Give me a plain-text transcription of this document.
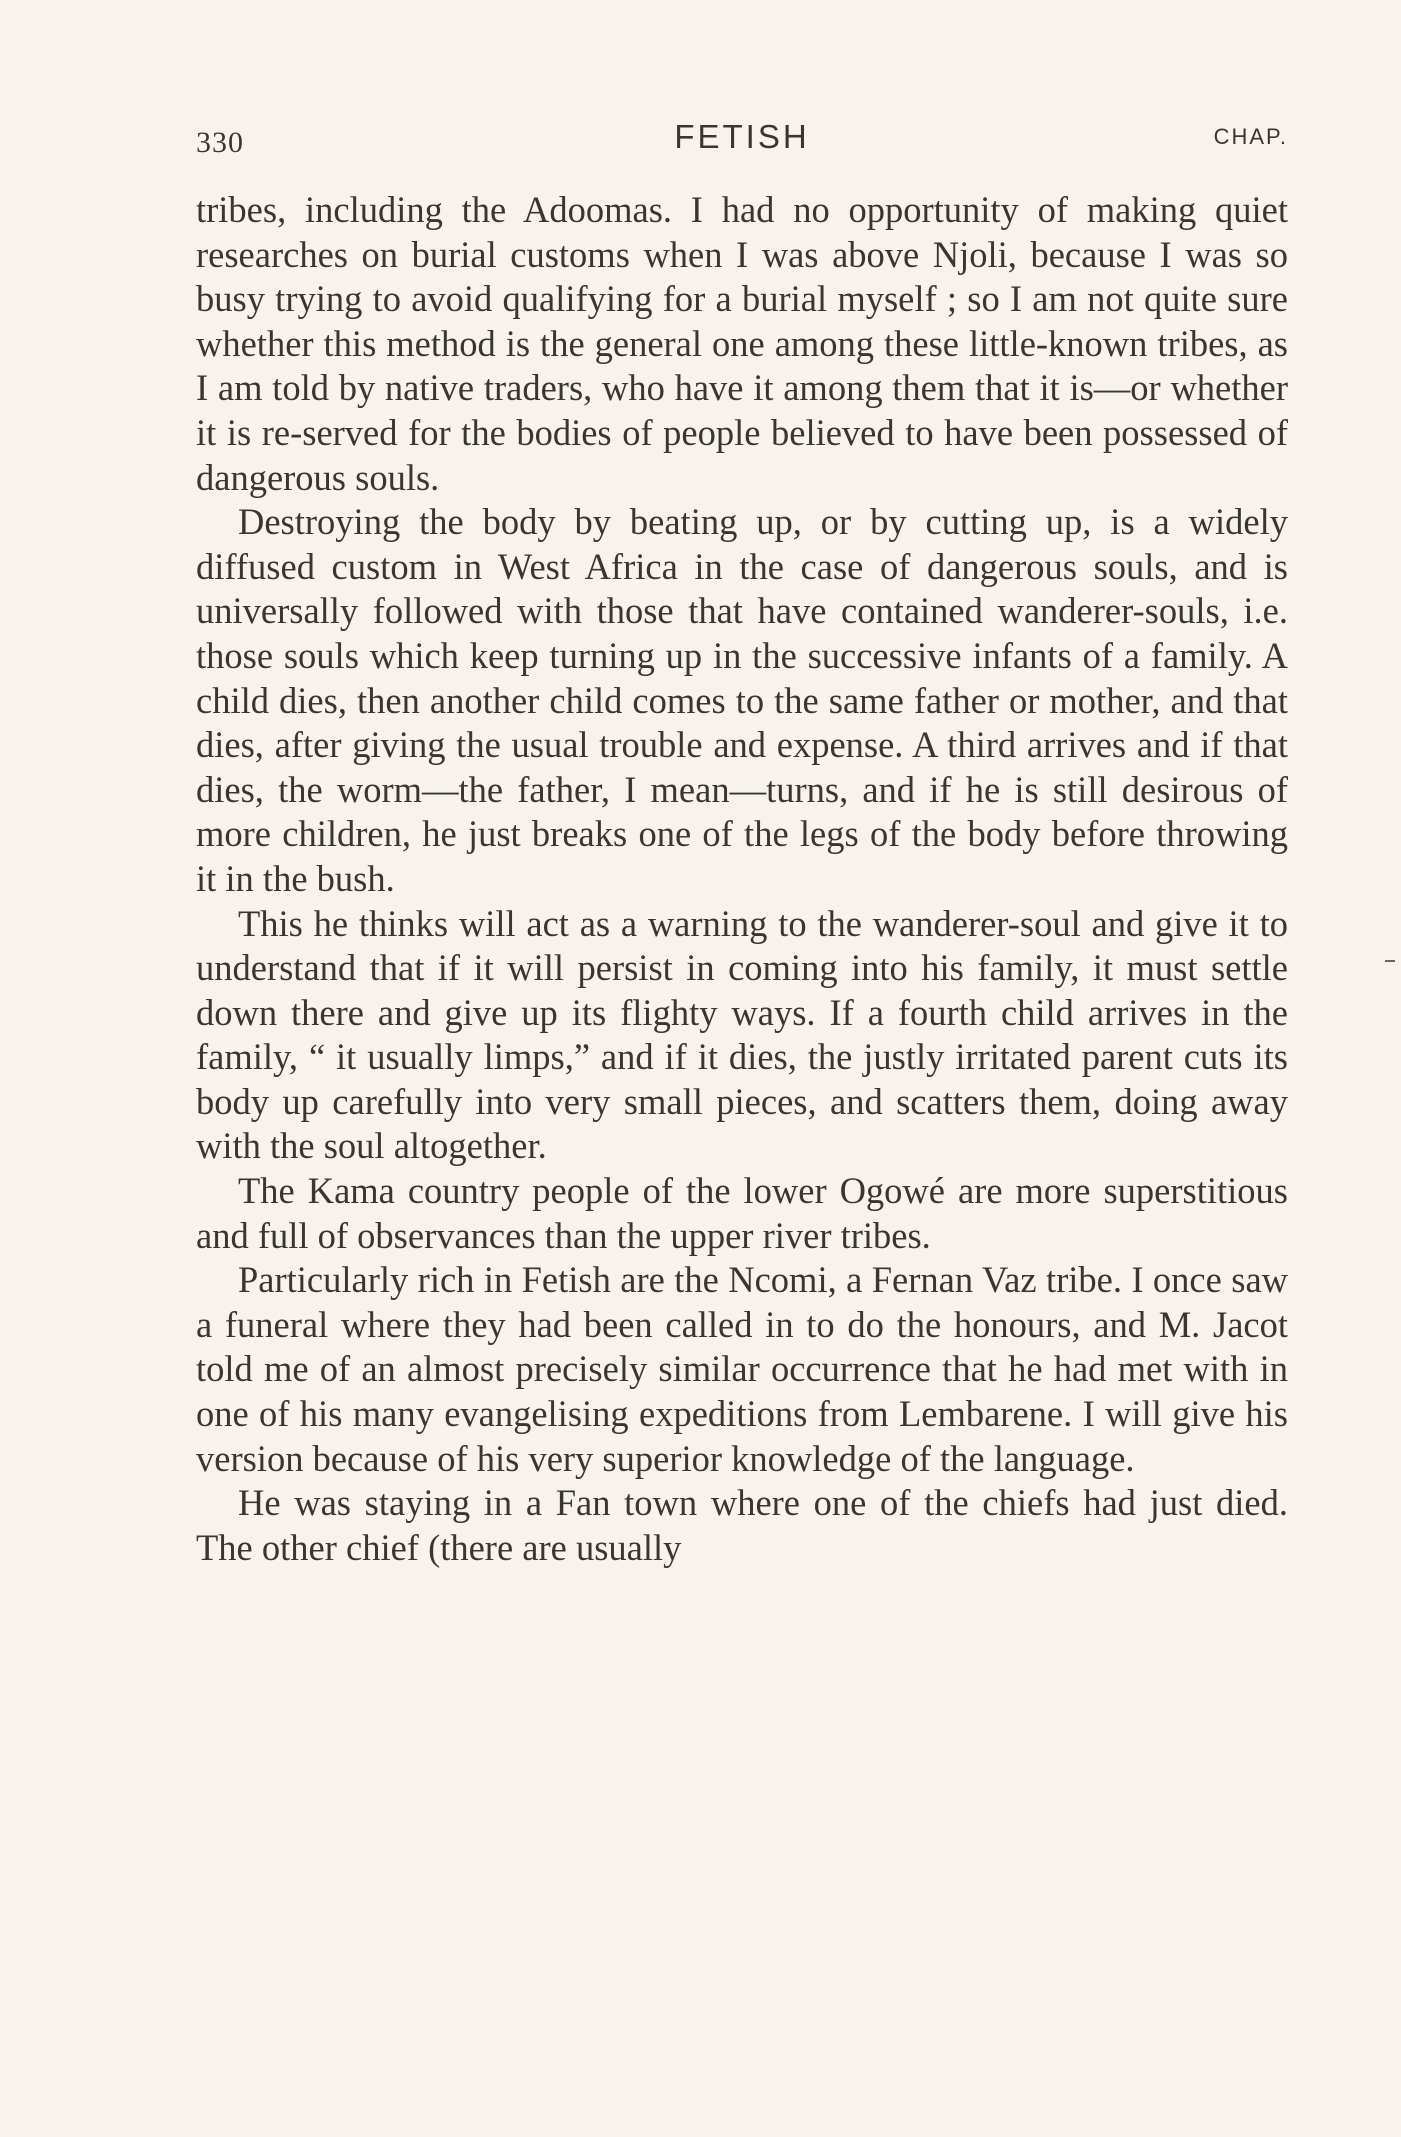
330	FETISH	CHAP.

tribes, including the Adoomas. I had no opportunity of making quiet researches on burial customs when I was above Njoli, because I was so busy trying to avoid qualifying for a burial myself ; so I am not quite sure whether this method is the general one among these little-known tribes, as I am told by native traders, who have it among them that it is—or whether it is re-served for the bodies of people believed to have been possessed of dangerous souls.

Destroying the body by beating up, or by cutting up, is a widely diffused custom in West Africa in the case of dangerous souls, and is universally followed with those that have contained wanderer-souls, i.e. those souls which keep turning up in the successive infants of a family. A child dies, then another child comes to the same father or mother, and that dies, after giving the usual trouble and expense. A third arrives and if that dies, the worm—the father, I mean—turns, and if he is still desirous of more children, he just breaks one of the legs of the body before throwing it in the bush.

This he thinks will act as a warning to the wanderer-soul and give it to understand that if it will persist in coming into his family, it must settle down there and give up its flighty ways. If a fourth child arrives in the family, “ it usually limps,” and if it dies, the justly irritated parent cuts its body up carefully into very small pieces, and scatters them, doing away with the soul altogether.

The Kama country people of the lower Ogowé are more superstitious and full of observances than the upper river tribes.

Particularly rich in Fetish are the Ncomi, a Fernan Vaz tribe. I once saw a funeral where they had been called in to do the honours, and M. Jacot told me of an almost precisely similar occurrence that he had met with in one of his many evangelising expeditions from Lembarene. I will give his version because of his very superior knowledge of the language.

He was staying in a Fan town where one of the chiefs had just died. The other chief (there are usually
